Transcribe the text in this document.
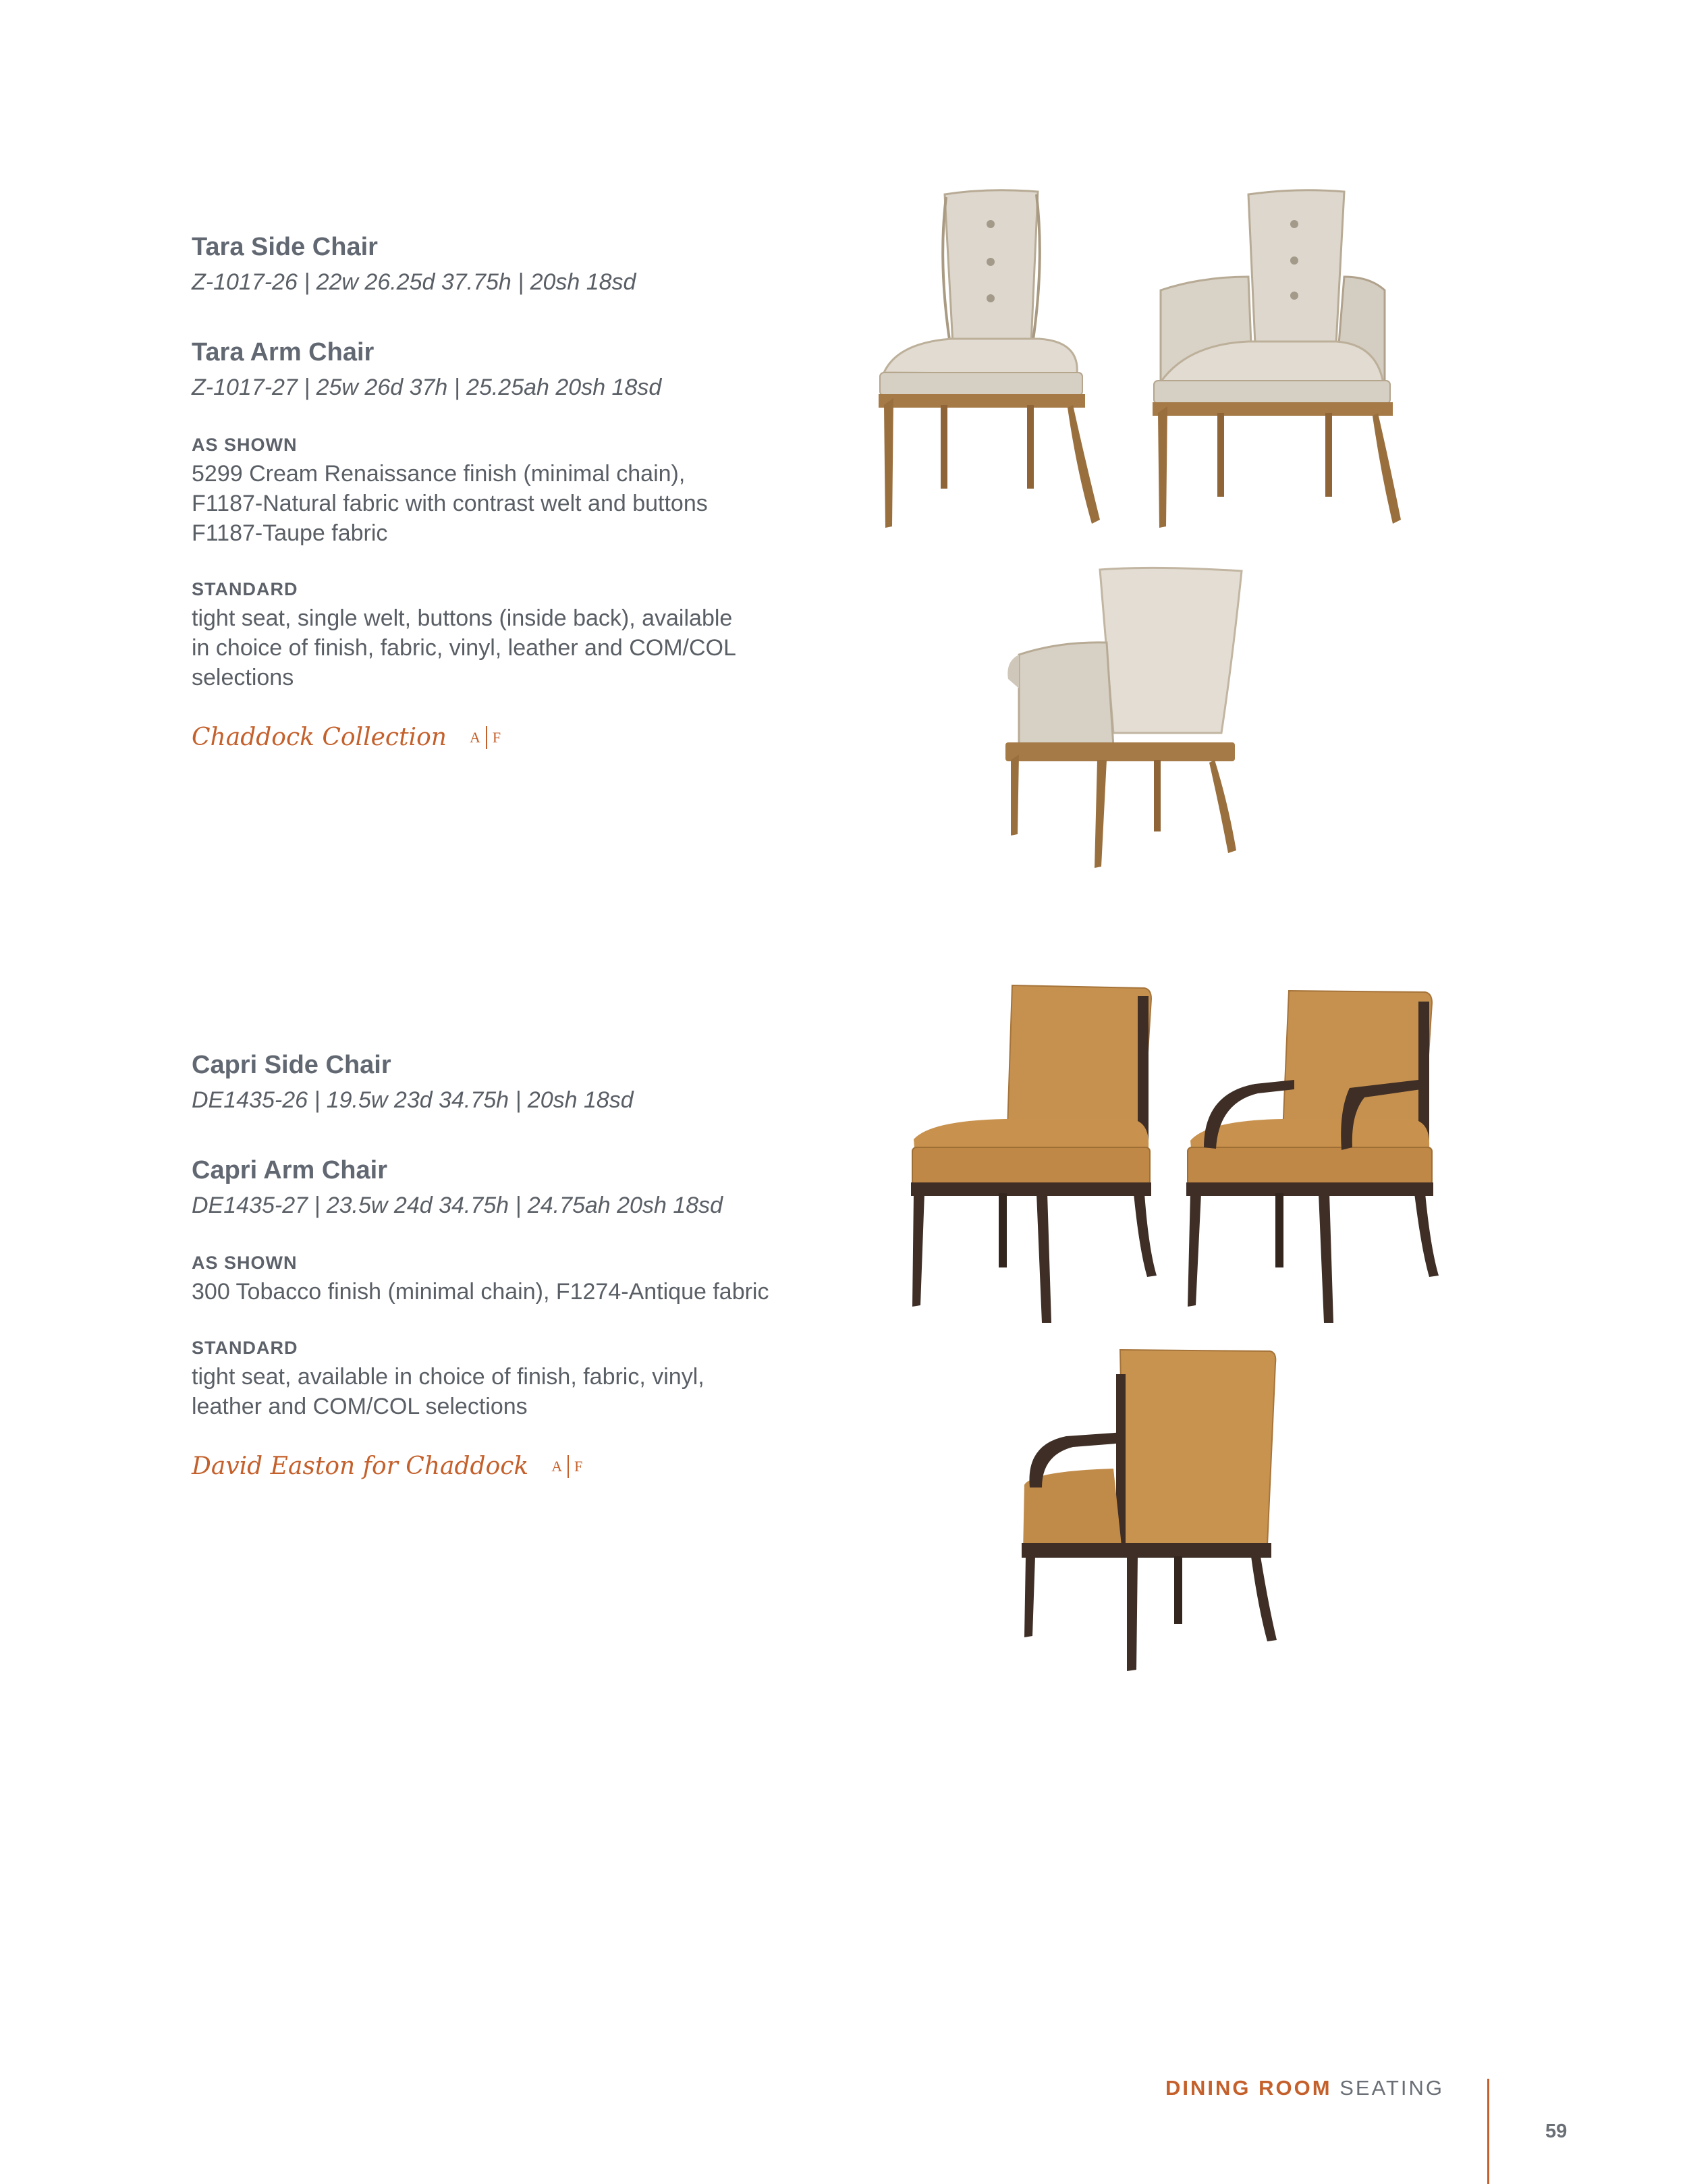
Tara Side Chair
Z-1017-26 | 22w 26.25d 37.75h | 20sh 18sd
Tara Arm Chair
Z-1017-27 | 25w 26d 37h | 25.25ah 20sh 18sd
AS SHOWN
5299 Cream Renaissance finish (minimal chain),
F1187-Natural fabric with contrast welt and buttons
F1187-Taupe fabric
STANDARD
tight seat, single welt, buttons (inside back), available
in choice of finish, fabric, vinyl, leather and COM/COL
selections
Chaddock Collection A F
Capri Side Chair
DE1435-26 | 19.5w 23d 34.75h | 20sh 18sd
Capri Arm Chair
DE1435-27 | 23.5w 24d 34.75h | 24.75ah 20sh 18sd
AS SHOWN
300 Tobacco finish (minimal chain), F1274-Antique fabric
STANDARD
tight seat, available in choice of finish, fabric, vinyl,
leather and COM/COL selections
David Easton for Chaddock A F
DINING ROOM SEATING
59
